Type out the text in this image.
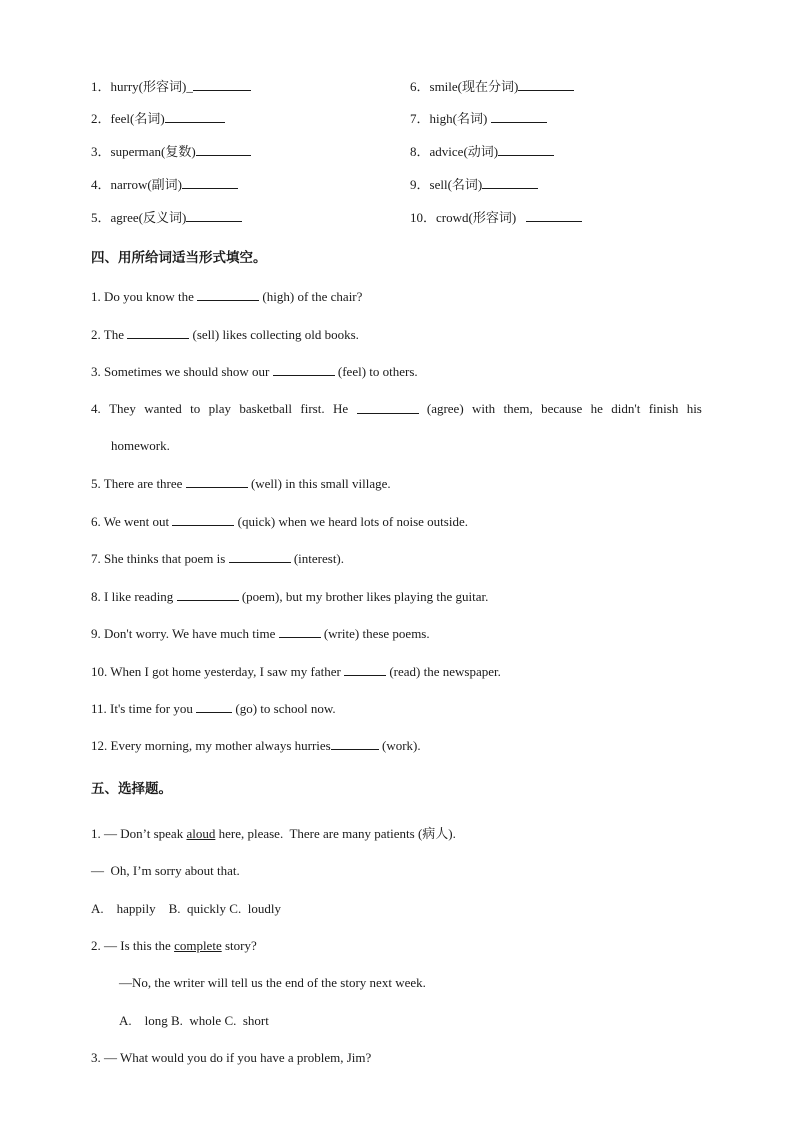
1．hurry(形容词)_
2．feel(名词)
3．superman(复数)
4．narrow(副词)
5．agree(反义词)
6．smile(现在分词)
7．high(名词)
8．advice(动词)
9．sell(名词)
10．crowd(形容词)
四、用所给词适当形式填空。
1. Do you know the	(high) of the chair?
2. The	(sell) likes collecting old books.
3. Sometimes we should show our	(feel) to others.
4. They wanted to play basketball first. He	(agree) with them, because he didn't finish his
homework.
5. There are three	(well) in this small village.
6. We went out	(quick) when we heard lots of noise outside.
7. She thinks that poem is	(interest).
8. I like reading	(poem), but my brother likes playing the guitar.
9. Don't worry. We have much time	(write) these poems.
10. When I got home yesterday, I saw my father	(read) the newspaper.
11. It's time for you	(go) to school now.
12. Every morning, my mother always hurries	(work).
五、选择题。
1. — Don’t speak aloud here, please.  There are many patients (病人).
—  Oh, I’m sorry about that.
A.    happily    B.  quickly C.  loudly
2. — Is this the complete story?
—No, the writer will tell us the end of the story next week.
A.    long B.  whole C.  short
3. — What would you do if you have a problem, Jim?
